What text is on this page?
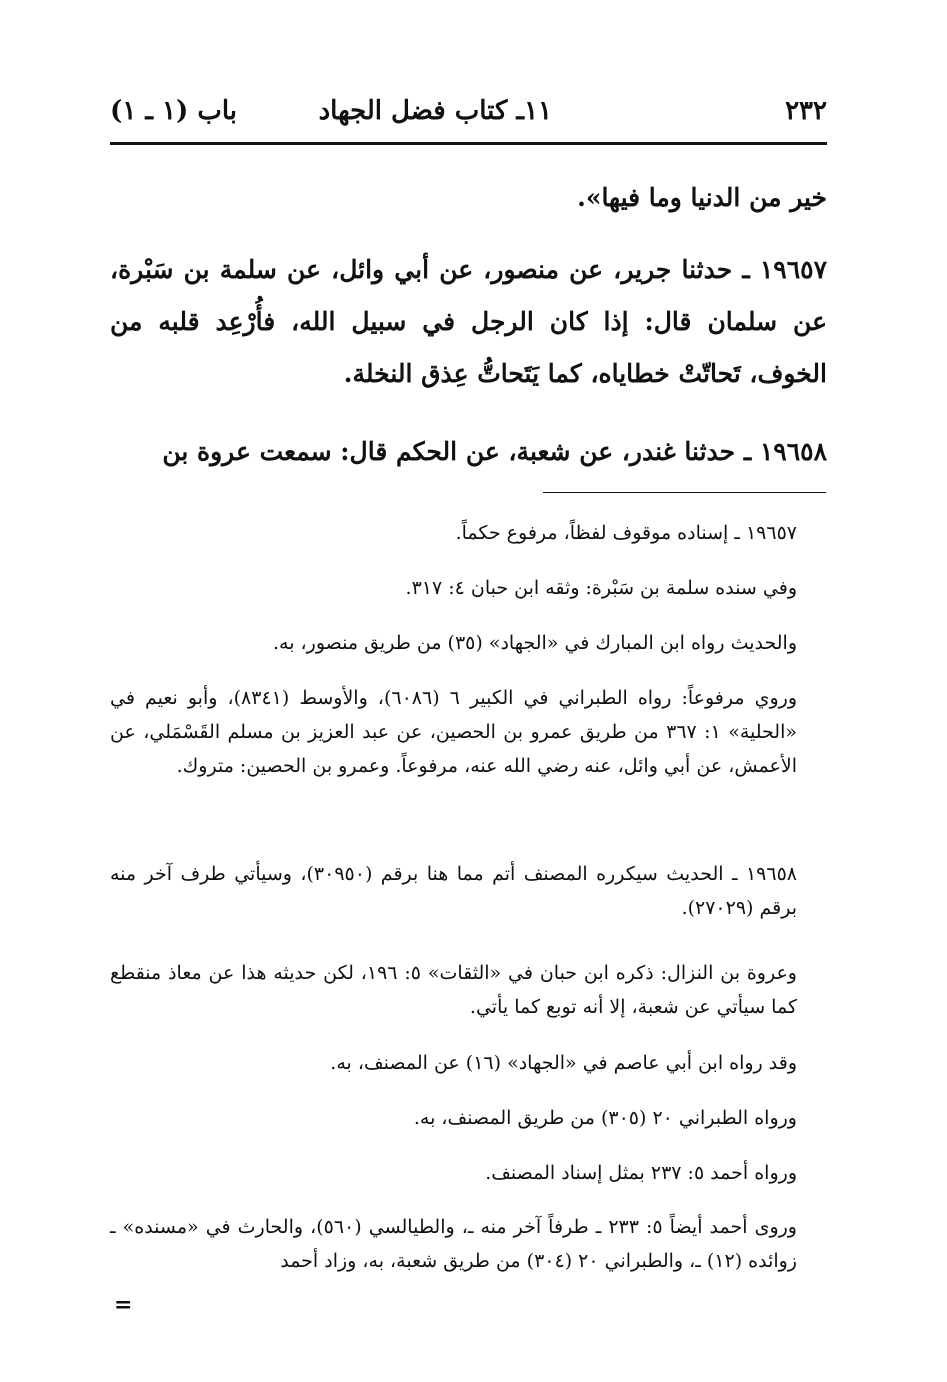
٢٣٢
١١ـ كتاب فضل الجهاد
باب (١ ـ ١)

خير من الدنيا وما فيها».

١٩٦٥٧ ـ حدثنا جرير، عن منصور، عن أبي وائل، عن سلمة بن سَبْرة، عن سلمان قال: إذا كان الرجل في سبيل الله، فأُرْعِد قلبه من الخوف، تَحاتّتْ خطاياه، كما يَتَحاتُّ عِذق النخلة.

١٩٦٥٨ ـ حدثنا غندر، عن شعبة، عن الحكم قال: سمعت عروة بن

١٩٦٥٧ ـ إسناده موقوف لفظاً، مرفوع حكماً.

وفي سنده سلمة بن سَبْرة: وثقه ابن حبان ٤: ٣١٧.

والحديث رواه ابن المبارك في «الجهاد» (٣٥) من طريق منصور، به.

وروي مرفوعاً: رواه الطبراني في الكبير ٦ (٦٠٨٦)، والأوسط (٨٣٤١)، وأبو نعيم في «الحلية» ١: ٣٦٧ من طريق عمرو بن الحصين، عن عبد العزيز بن مسلم القَسْمَلي، عن الأعمش، عن أبي وائل، عنه رضي الله عنه، مرفوعاً. وعمرو بن الحصين: متروك.

١٩٦٥٨ ـ الحديث سيكرره المصنف أتم مما هنا برقم (٣٠٩٥٠)، وسيأتي طرف آخر منه برقم (٢٧٠٢٩).

وعروة بن النزال: ذكره ابن حبان في «الثقات» ٥: ١٩٦، لكن حديثه هذا عن معاذ منقطع كما سيأتي عن شعبة، إلا أنه توبع كما يأتي.

وقد رواه ابن أبي عاصم في «الجهاد» (١٦) عن المصنف، به.

ورواه الطبراني ٢٠ (٣٠٥) من طريق المصنف، به.

ورواه أحمد ٥: ٢٣٧ بمثل إسناد المصنف.

وروى أحمد أيضاً ٥: ٢٣٣ ـ طرفاً آخر منه ـ، والطيالسي (٥٦٠)، والحارث في «مسنده» ـ زوائده (١٢) ـ، والطبراني ٢٠ (٣٠٤) من طريق شعبة، به، وزاد أحمد

=
